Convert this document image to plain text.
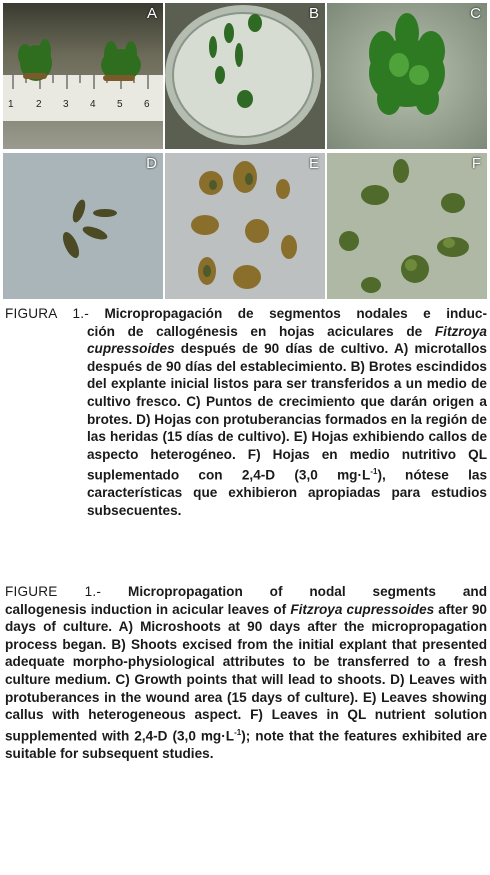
1 2 3 4 5 6
A	B	C
D	E	F
FIGURA 1.- Micropropagación de segmentos nodales e induc-
ción de callogénesis en hojas aciculares de Fitzroya cupressoides después de 90 días de cultivo. A) microtallos después de 90 días del establecimiento. B) Brotes escindidos del explante inicial listos para ser transferidos a un medio de cultivo fresco. C) Puntos de crecimiento que darán origen a brotes. D) Hojas con protuberancias formados en la región de las heridas (15 días de cultivo). E) Hojas exhibiendo callos de aspecto heterogéneo. F) Hojas en medio nutritivo QL suplementado con 2,4-D (3,0 $mg\cdot L^{-1}$), nótese las características que exhibieron apropiadas para estudios subsecuentes.
FIGURE 1.- Micropropagation of nodal segments and
callogenesis induction in acicular leaves of Fitzroya cupressoides after 90 days of culture. A) Microshoots at 90 days after the micropropagation process began. B) Shoots excised from the initial explant that presented adequate morpho-physiological attributes to be transferred to a fresh culture medium. C) Growth points that will lead to shoots. D) Leaves with protuberances in the wound area (15 days of culture). E) Leaves showing callus with heterogeneous aspect. F) Leaves in QL nutrient solution supplemented with 2,4-D (3,0 $mg\cdot L^{-1}$); note that the features exhibited are suitable for subsequent studies.
